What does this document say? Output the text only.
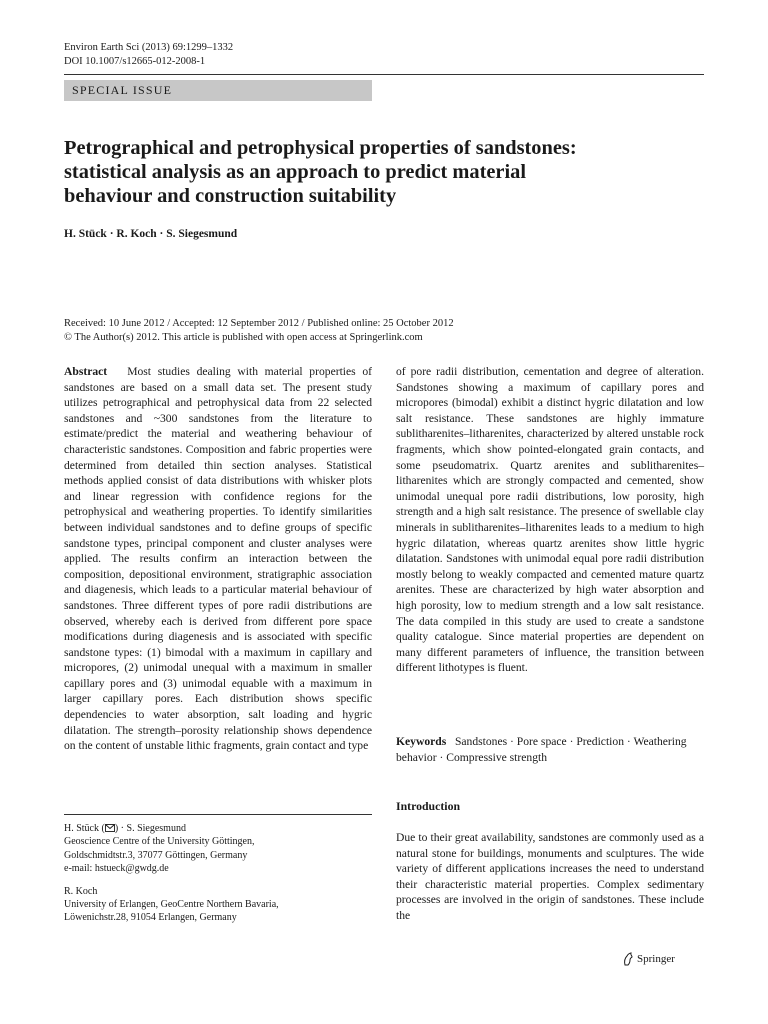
Environ Earth Sci (2013) 69:1299–1332
DOI 10.1007/s12665-012-2008-1
SPECIAL ISSUE
Petrographical and petrophysical properties of sandstones:
statistical analysis as an approach to predict material
behaviour and construction suitability
H. Stück · R. Koch · S. Siegesmund
Received: 10 June 2012 / Accepted: 12 September 2012 / Published online: 25 October 2012
© The Author(s) 2012. This article is published with open access at Springerlink.com
Abstract Most studies dealing with material properties of sandstones are based on a small data set. The present study utilizes petrographical and petrophysical data from 22 selected sandstones and ~300 sandstones from the literature to estimate/predict the material and weathering behaviour of characteristic sandstones. Composition and fabric properties were determined from detailed thin section analyses. Statistical methods applied consist of data distributions with whisker plots and linear regression with confidence regions for the petrophysical and weathering properties. To identify similarities between individual sandstones and to define groups of specific sandstone types, principal component and cluster analyses were applied. The results confirm an interaction between the composition, depositional environment, stratigraphic association and diagenesis, which leads to a particular material behaviour of sandstones. Three different types of pore radii distributions are observed, whereby each is derived from different pore space modifications during diagenesis and is associated with specific sandstone types: (1) bimodal with a maximum in capillary and micropores, (2) unimodal unequal with a maximum in smaller capillary pores and (3) unimodal equable with a maximum in larger capillary pores. Each distribution shows specific dependencies to water absorption, salt loading and hygric dilatation. The strength–porosity relationship shows dependence on the content of unstable lithic fragments, grain contact and type
of pore radii distribution, cementation and degree of alteration. Sandstones showing a maximum of capillary pores and micropores (bimodal) exhibit a distinct hygric dilatation and low salt resistance. These sandstones are highly immature sublitharenites–litharenites, characterized by altered unstable rock fragments, which show pointed-elongated grain contacts, and some pseudomatrix. Quartz arenites and sublitharenites–litharenites which are strongly compacted and cemented, show unimodal unequal pore radii distributions, low porosity, high strength and a high salt resistance. The presence of swellable clay minerals in sublitharenites–litharenites leads to a medium to high hygric dilatation, whereas quartz arenites show little hygric dilatation. Sandstones with unimodal equal pore radii distribution mostly belong to weakly compacted and cemented mature quartz arenites. These are characterized by high water absorption and high porosity, low to medium strength and a low salt resistance. The data compiled in this study are used to create a sandstone quality catalogue. Since material properties are dependent on many different parameters of influence, the transition between different lithotypes is fluent.
Keywords Sandstones · Pore space · Prediction · Weathering behavior · Compressive strength
Introduction
Due to their great availability, sandstones are commonly used as a natural stone for buildings, monuments and sculptures. The wide variety of different applications increases the need to understand their characteristic material properties. Complex sedimentary processes are involved in the origin of sandstones. These include the
H. Stück ( ) · S. Siegesmund
Geoscience Centre of the University Göttingen,
Goldschmidtstr.3, 37077 Göttingen, Germany
e-mail: hstueck@gwdg.de
R. Koch
University of Erlangen, GeoCentre Northern Bavaria,
Löwenichstr.28, 91054 Erlangen, Germany
Springer
